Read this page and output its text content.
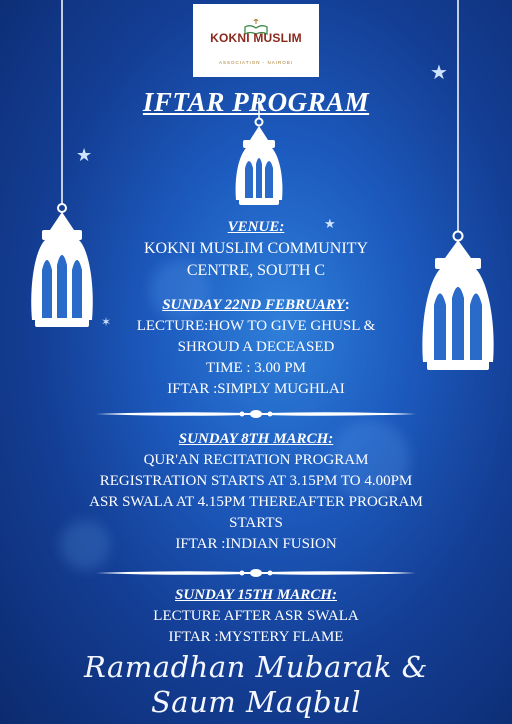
★
★
★
✶
KOKNI MUSLIM
ASSOCIATION - NAIROBI
IFTAR PROGRAM
VENUE:
KOKNI MUSLIM COMMUNITY
CENTRE, SOUTH C
SUNDAY 22ND FEBRUARY:
LECTURE:HOW TO GIVE GHUSL &
SHROUD A DECEASED
TIME : 3.00 PM
IFTAR :SIMPLY MUGHLAI
SUNDAY 8TH MARCH:
QUR'AN RECITATION PROGRAM
REGISTRATION STARTS AT 3.15PM TO 4.00PM
ASR SWALA AT 4.15PM THEREAFTER PROGRAM
STARTS
IFTAR :INDIAN FUSION
SUNDAY 15TH MARCH:
LECTURE AFTER ASR SWALA
IFTAR :MYSTERY FLAME
Ramadhan Mubarak &
Saum Maqbul
